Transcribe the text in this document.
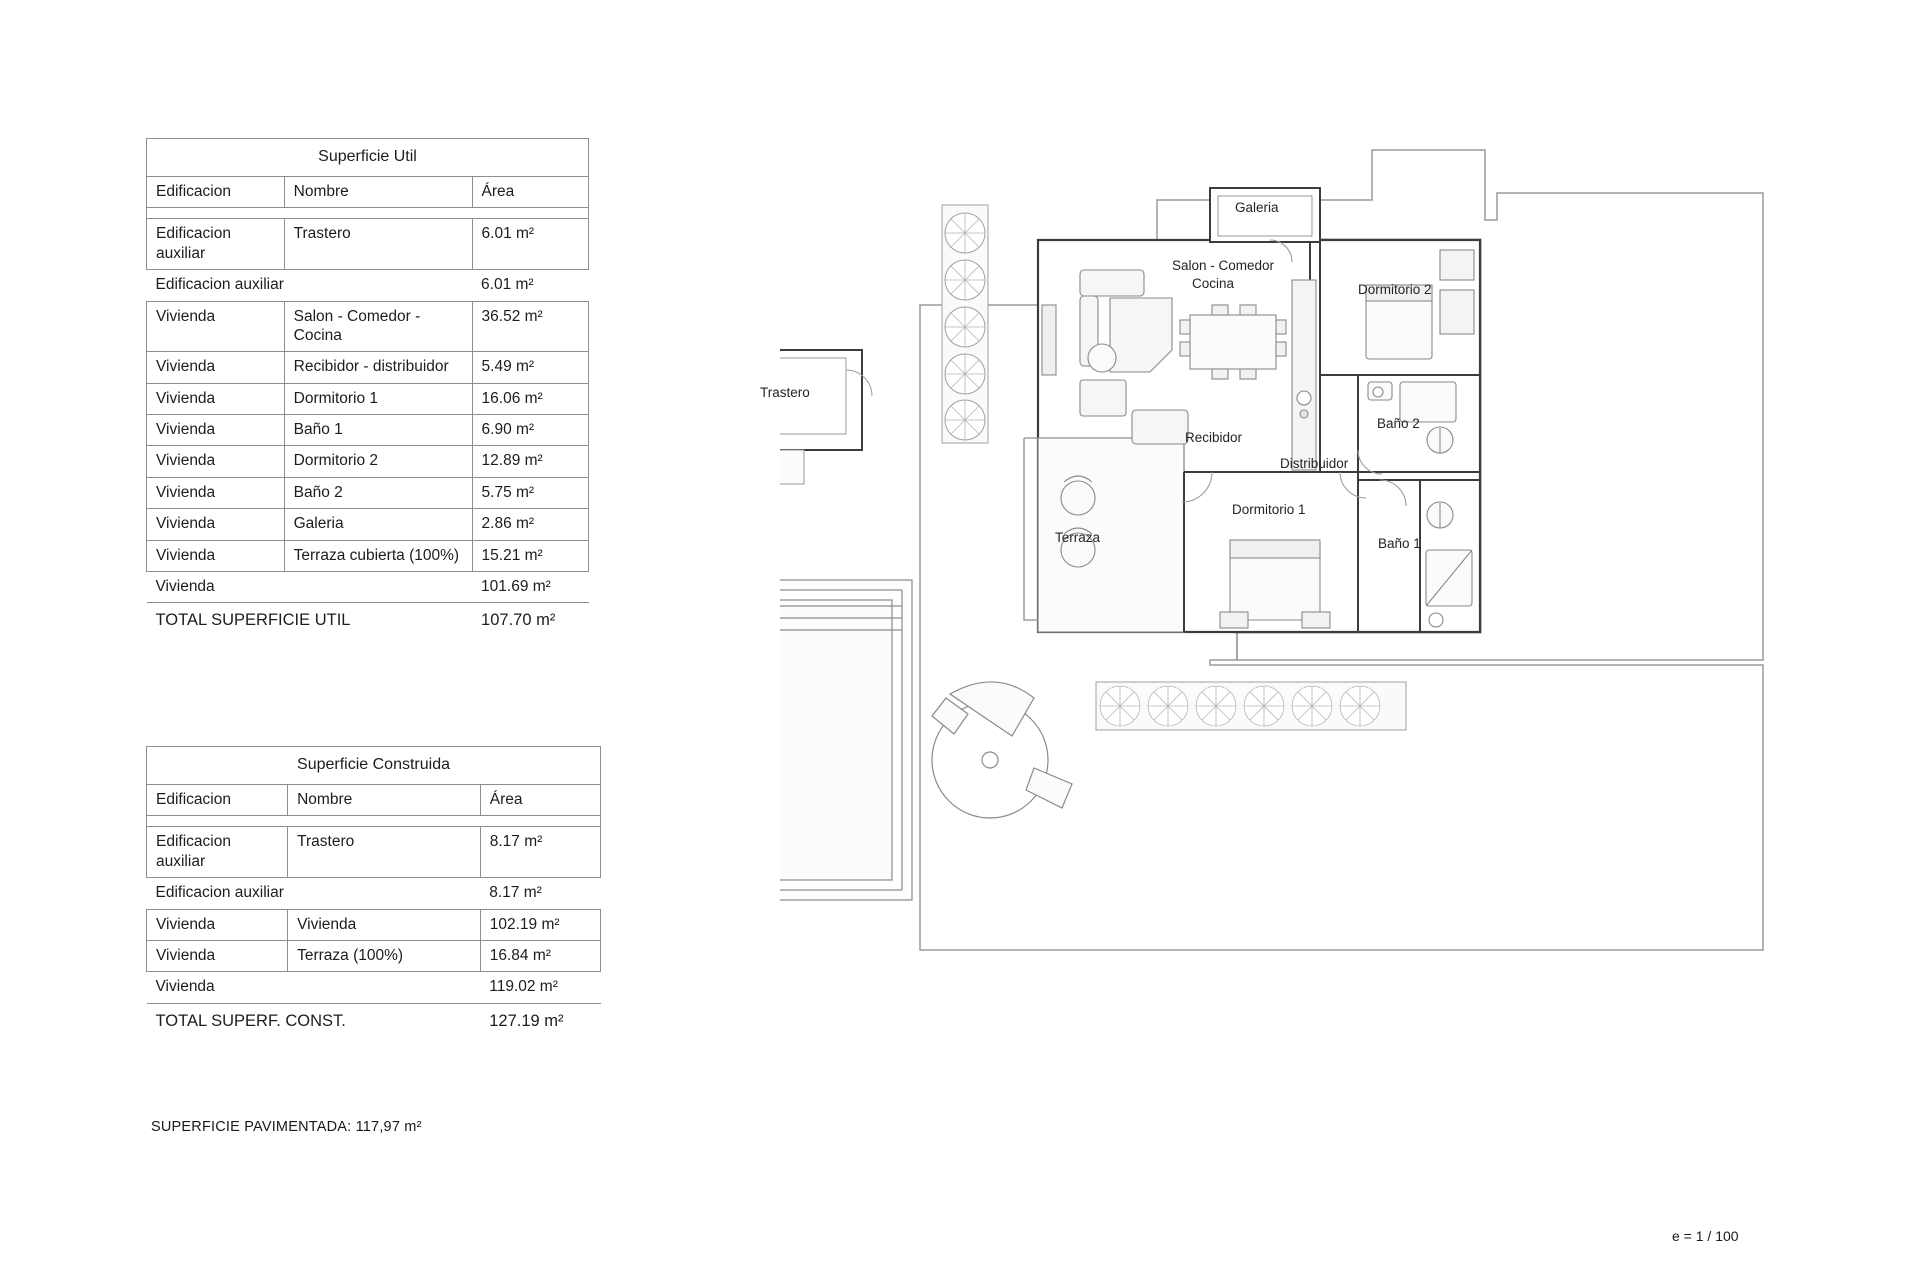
Superficie Util		
Edificacion	Nombre	Área

Edificacion auxiliar	Trastero	6.01 m²
Edificacion auxiliar		6.01 m²
Vivienda	Salon - Comedor - Cocina	36.52 m²
Vivienda	Recibidor - distribuidor	5.49 m²
Vivienda	Dormitorio 1	16.06 m²
Vivienda	Baño 1	6.90 m²
Vivienda	Dormitorio 2	12.89 m²
Vivienda	Baño 2	5.75 m²
Vivienda	Galeria	2.86 m²
Vivienda	Terraza cubierta (100%)	15.21 m²
Vivienda		101.69 m²
TOTAL SUPERFICIE UTIL		107.70 m²
Superficie Construida		
Edificacion	Nombre	Área

Edificacion auxiliar	Trastero	8.17 m²
Edificacion auxiliar		8.17 m²
Vivienda	Vivienda	102.19 m²
Vivienda	Terraza (100%)	16.84 m²
Vivienda		119.02 m²
TOTAL SUPERF. CONST.		127.19 m²
SUPERFICIE PAVIMENTADA: 117,97 m²
e = 1 / 100
Galeria
Salon - Comedor
Cocina	Dormitorio 2
Baño 2
Recibidor
Distribuidor
Dormitorio 1
Baño 1
Terraza
Trastero
